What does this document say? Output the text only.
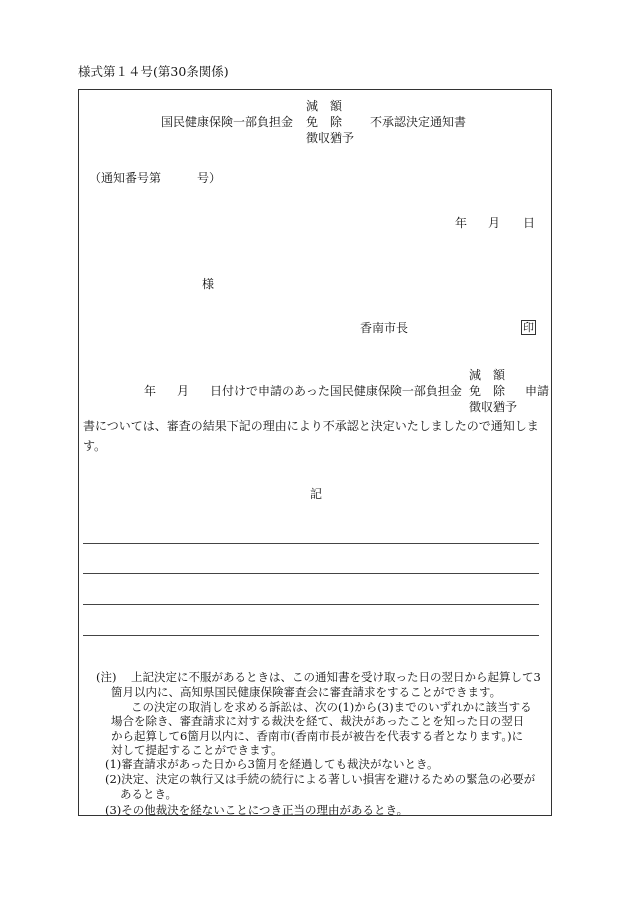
様式第１４号(第30条関係)
国民健康保険一部負担金
減　額
免　除
徴収猶予
不承認決定通知書
（通知番号第　　　号）
年 月 日
様
香南市長	印
年 月 日付けで申請のあった国民健康保険一部負担金
減　額
免　除
徴収猶予
申請
書については、審査の結果下記の理由により不承認と決定いたしましたので通知しま
す。
記
(注) 上記決定に不服があるときは、この通知書を受け取った日の翌日から起算して3
箇月以内に、高知県国民健康保険審査会に審査請求をすることができます。
この決定の取消しを求める訴訟は、次の(1)から(3)までのいずれかに該当する
場合を除き、審査請求に対する裁決を経て、裁決があったことを知った日の翌日
から起算して6箇月以内に、香南市(香南市長が被告を代表する者となります。)に
対して提起することができます。
(1)審査請求があった日から3箇月を経過しても裁決がないとき。
(2)決定、決定の執行又は手続の続行による著しい損害を避けるための緊急の必要が
あるとき。
(3)その他裁決を経ないことにつき正当の理由があるとき。
